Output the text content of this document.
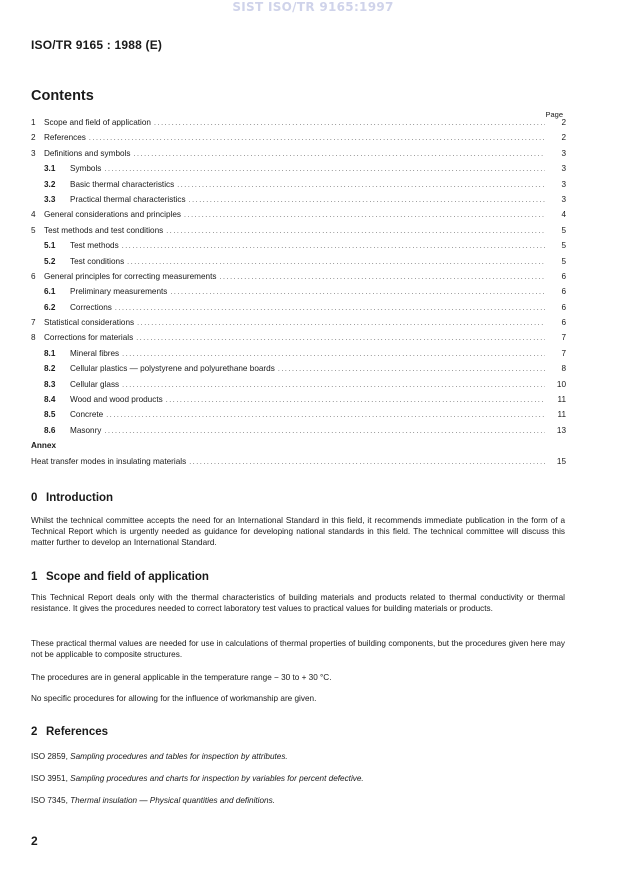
SIST ISO/TR 9165:1997
ISO/TR 9165 : 1988 (E)
Contents
Page
1	Scope and field of application .....	2
2	References .....	2
3	Definitions and symbols .....	3
3.1	Symbols .....	3
3.2	Basic thermal characteristics .....	3
3.3	Practical thermal characteristics .....	3
4	General considerations and principles .....	4
5	Test methods and test conditions .....	5
5.1	Test methods .....	5
5.2	Test conditions .....	5
6	General principles for correcting measurements .....	6
6.1	Preliminary measurements .....	6
6.2	Corrections .....	6
7	Statistical considerations .....	6
8	Corrections for materials .....	7
8.1	Mineral fibres .....	7
8.2	Cellular plastics — polystyrene and polyurethane boards .....	8
8.3	Cellular glass .....	10
8.4	Wood and wood products .....	11
8.5	Concrete .....	11
8.6	Masonry .....	13
Annex
Heat transfer modes in insulating materials .....	15
0 Introduction
Whilst the technical committee accepts the need for an International Standard in this field, it recommends immediate publication in the form of a Technical Report which is urgently needed as guidance for developing national standards in this field. The technical committee will discuss this matter further to develop an International Standard.
1 Scope and field of application
This Technical Report deals only with the thermal characteristics of building materials and products related to thermal conductivity or thermal resistance. It gives the procedures needed to correct laboratory test values to practical values for building materials or products.
These practical thermal values are needed for use in calculations of thermal properties of building components, but the procedures given here may not be applicable to composite structures.
The procedures are in general applicable in the temperature range − 30 to + 30 °C.
No specific procedures for allowing for the influence of workmanship are given.
2 References
ISO 2859, Sampling procedures and tables for inspection by attributes.
ISO 3951, Sampling procedures and charts for inspection by variables for percent defective.
ISO 7345, Thermal insulation — Physical quantities and definitions.
2
